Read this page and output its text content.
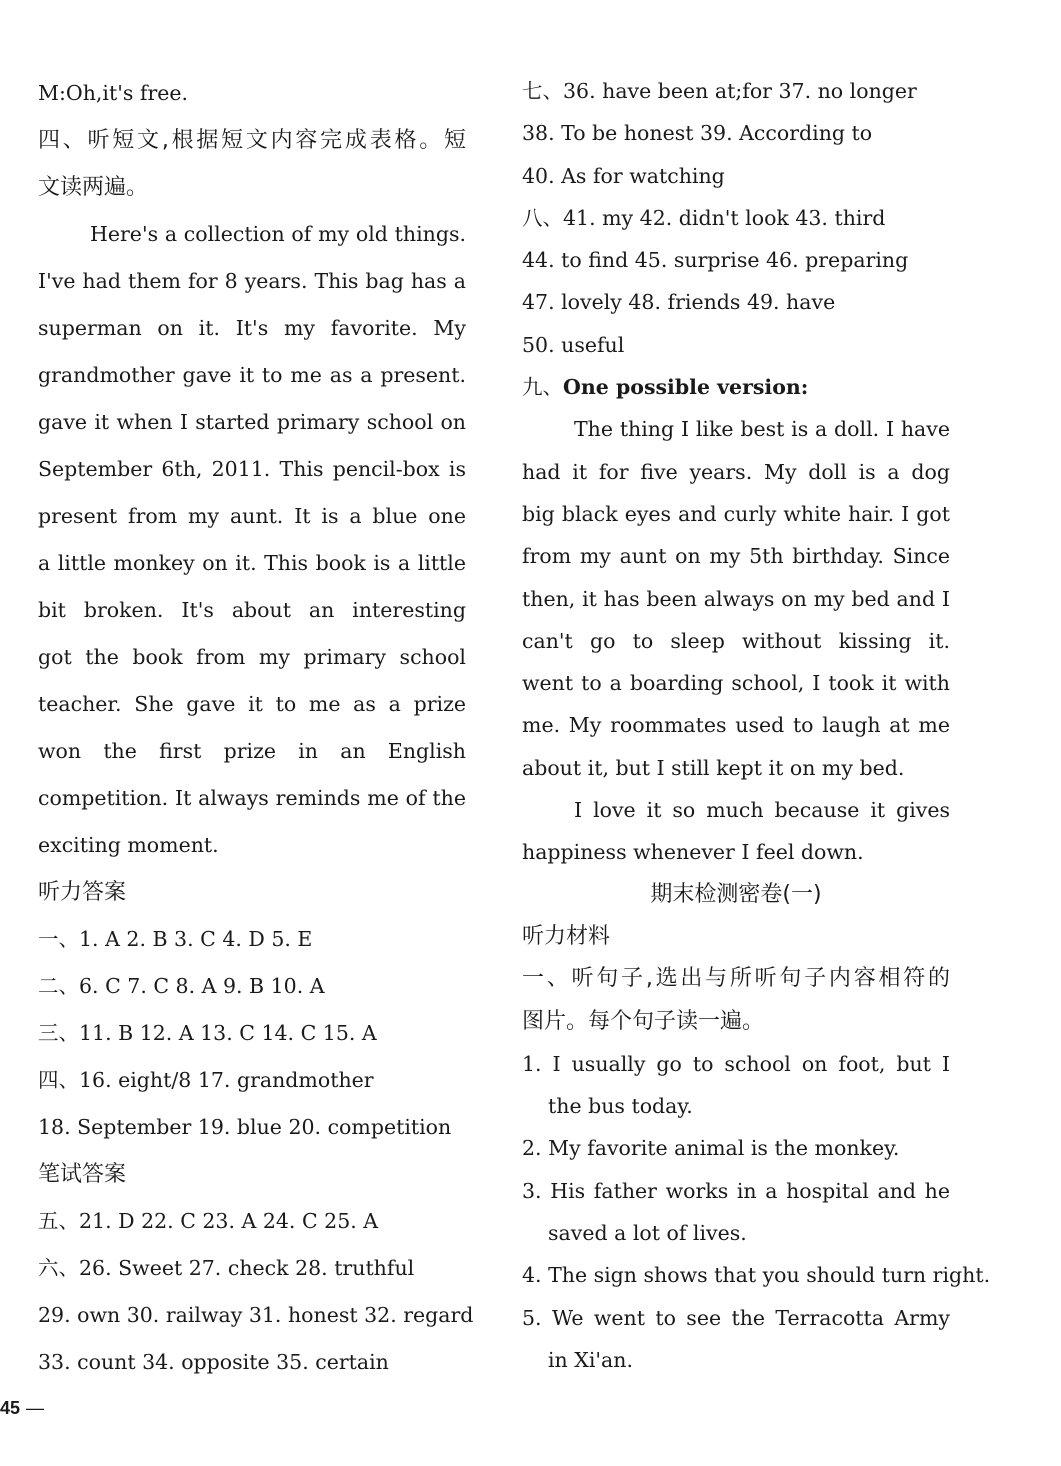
M:Oh,it's free.
四、听短文,根据短文内容完成表格。短
文读两遍。
Here's a collection of my old things.
I've had them for 8 years. This bag has a
superman on it. It's my favorite. My
grandmother gave it to me as a present.
gave it when I started primary school on
September 6th, 2011. This pencil-box is
present from my aunt. It is a blue one
a little monkey on it. This book is a little
bit broken. It's about an interesting
got the book from my primary school
teacher. She gave it to me as a prize
won the first prize in an English
competition. It always reminds me of the
exciting moment.
听力答案
一、1. A 2. B 3. C 4. D 5. E
二、6. C 7. C 8. A 9. B 10. A
三、11. B 12. A 13. C 14. C 15. A
四、16. eight/8 17. grandmother
18. September 19. blue 20. competition
笔试答案
五、21. D 22. C 23. A 24. C 25. A
六、26. Sweet 27. check 28. truthful
29. own 30. railway 31. honest 32. regard
33. count 34. opposite 35. certain
七、36. have been at;for 37. no longer
38. To be honest 39. According to
40. As for watching
八、41. my 42. didn't look 43. third
44. to find 45. surprise 46. preparing
47. lovely 48. friends 49. have
50. useful
九、One possible version:
The thing I like best is a doll. I have
had it for five years. My doll is a dog
big black eyes and curly white hair. I got
from my aunt on my 5th birthday. Since
then, it has been always on my bed and I
can't go to sleep without kissing it.
went to a boarding school, I took it with
me. My roommates used to laugh at me
about it, but I still kept it on my bed.
I love it so much because it gives
happiness whenever I feel down.
期末检测密卷(一)
听力材料
一、听句子,选出与所听句子内容相符的
图片。每个句子读一遍。
1. I usually go to school on foot, but I
the bus today.
2. My favorite animal is the monkey.
3. His father works in a hospital and he
saved a lot of lives.
4. The sign shows that you should turn right.
5. We went to see the Terracotta Army
in Xi'an.
45 —
